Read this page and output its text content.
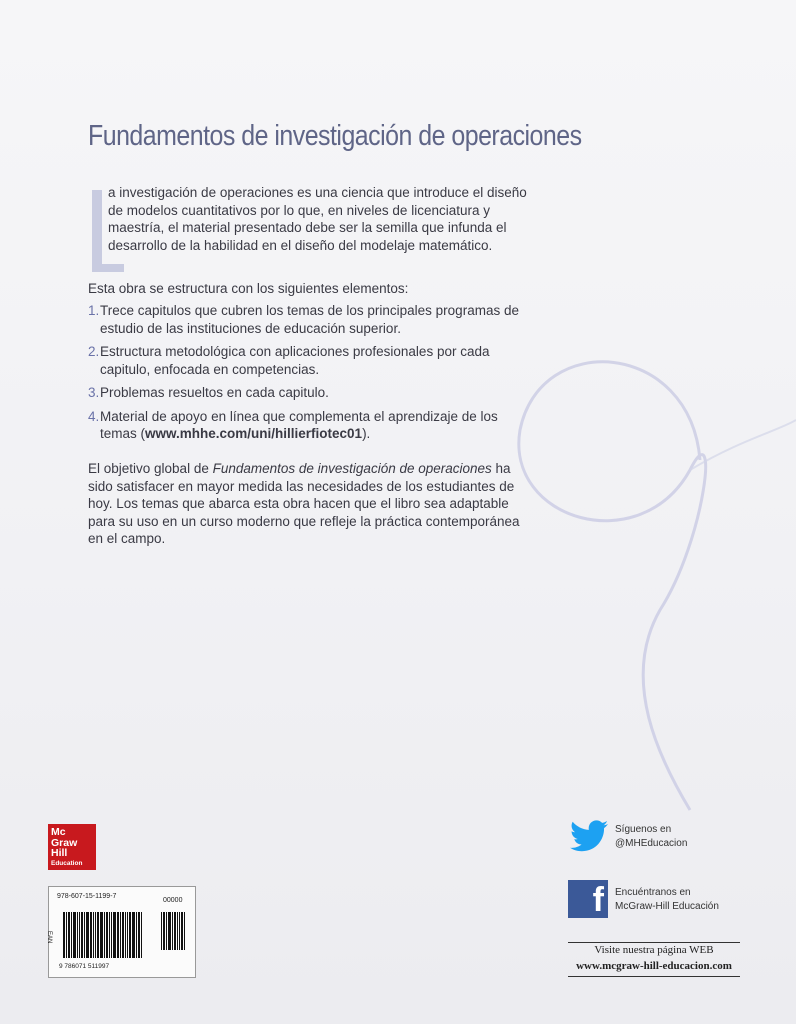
Fundamentos de investigación de operaciones

a investigación de operaciones es una ciencia que introduce el diseño de modelos cuantitativos por lo que, en niveles de licenciatura y maestría, el material presentado debe ser la semilla que infunda el desarrollo de la habilidad en el diseño del modelaje matemático.

Esta obra se estructura con los siguientes elementos:
1. Trece capitulos que cubren los temas de los principales programas de estudio de las instituciones de educación superior.
2. Estructura metodológica con aplicaciones profesionales por cada capitulo, enfocada en competencias.
3. Problemas resueltos en cada capitulo.
4. Material de apoyo en línea que complementa el aprendizaje de los temas (www.mhhe.com/uni/hillierfiotec01).
El objetivo global de Fundamentos de investigación de operaciones ha sido satisfacer en mayor medida las necesidades de los estudiantes de hoy. Los temas que abarca esta obra hacen que el libro sea adaptable para su uso en un curso moderno que refleje la práctica contemporánea en el campo.
Mc
Graw
Hill
Education
978-607-15-1199-7
00000
EAN
9 786071 511997
Síguenos en
@MHEducacion
f	Encuéntranos en
McGraw-Hill Educación
Visite nuestra página WEB
www.mcgraw-hill-educacion.com
